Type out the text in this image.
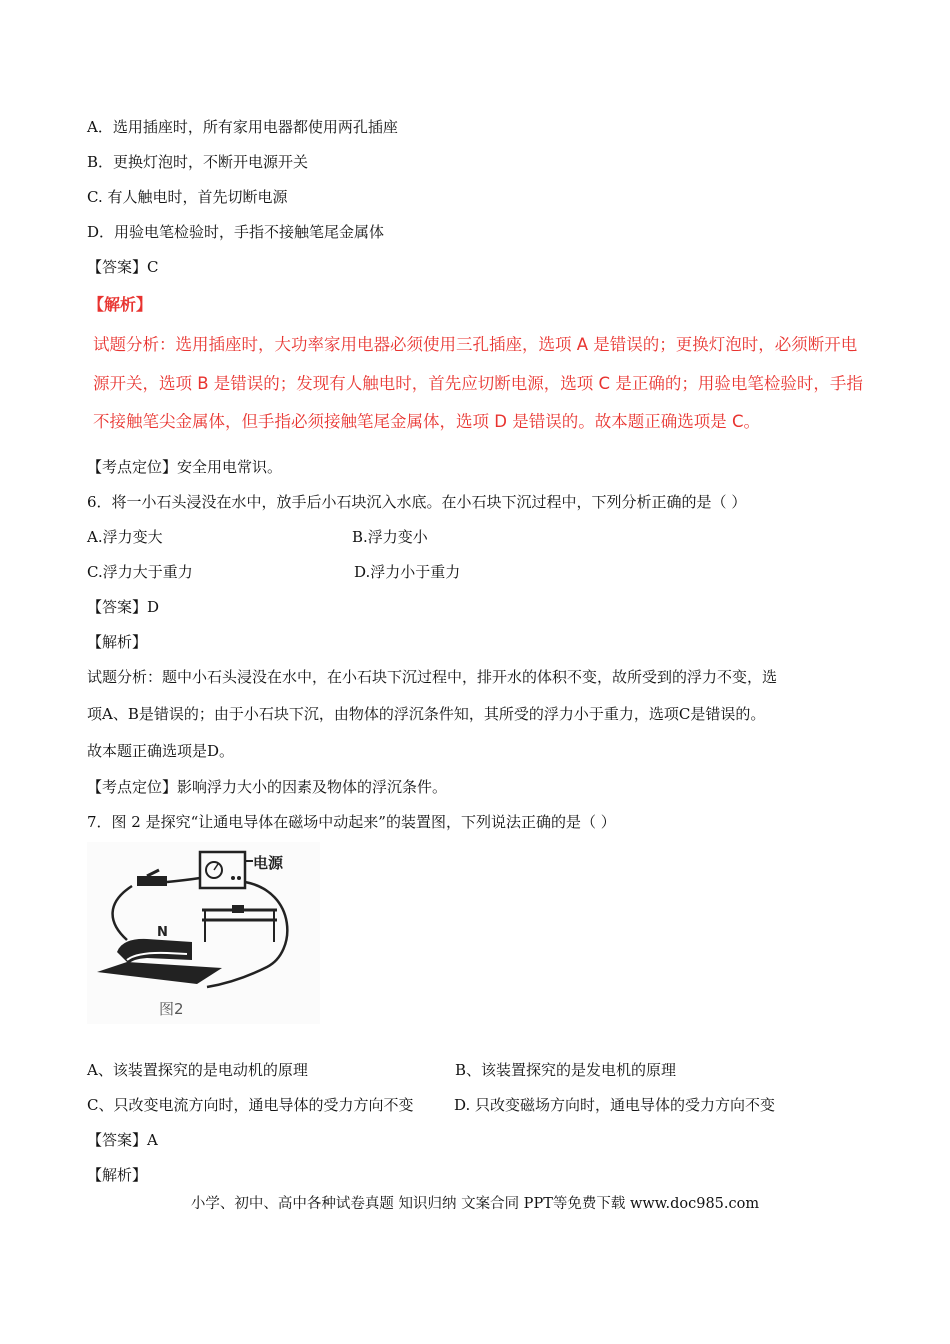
A．选用插座时，所有家用电器都使用两孔插座
B．更换灯泡时，不断开电源开关
C. 有人触电时，首先切断电源
D．用验电笔检验时，手指不接触笔尾金属体
【答案】C
【解析】
试题分析：选用插座时，大功率家用电器必须使用三孔插座，选项 A 是错误的；更换灯泡时，必须断开电
源开关，选项 B 是错误的；发现有人触电时，首先应切断电源，选项 C 是正确的；用验电笔检验时，手指
不接触笔尖金属体，但手指必须接触笔尾金属体，选项 D 是错误的。故本题正确选项是 C。
【考点定位】安全用电常识。
6．将一小石头浸没在水中，放手后小石块沉入水底。在小石块下沉过程中，下列分析正确的是（ ）
A.浮力变大	B.浮力变小
C.浮力大于重力	D.浮力小于重力
【答案】D
【解析】
试题分析：题中小石头浸没在水中，在小石块下沉过程中，排开水的体积不变，故所受到的浮力不变，选
项A、B是错误的；由于小石块下沉，由物体的浮沉条件知，其所受的浮力小于重力，选项C是错误的。
故本题正确选项是D。
【考点定位】影响浮力大小的因素及物体的浮沉条件。
7．图 2 是探究“让通电导体在磁场中动起来”的装置图，下列说法正确的是（ ）
电源
N
图2
A、该装置探究的是电动机的原理	B、该装置探究的是发电机的原理
C、只改变电流方向时，通电导体的受力方向不变	D. 只改变磁场方向时，通电导体的受力方向不变
【答案】A
【解析】
小学、初中、高中各种试卷真题 知识归纳 文案合同 PPT等免费下载 www.doc985.com
